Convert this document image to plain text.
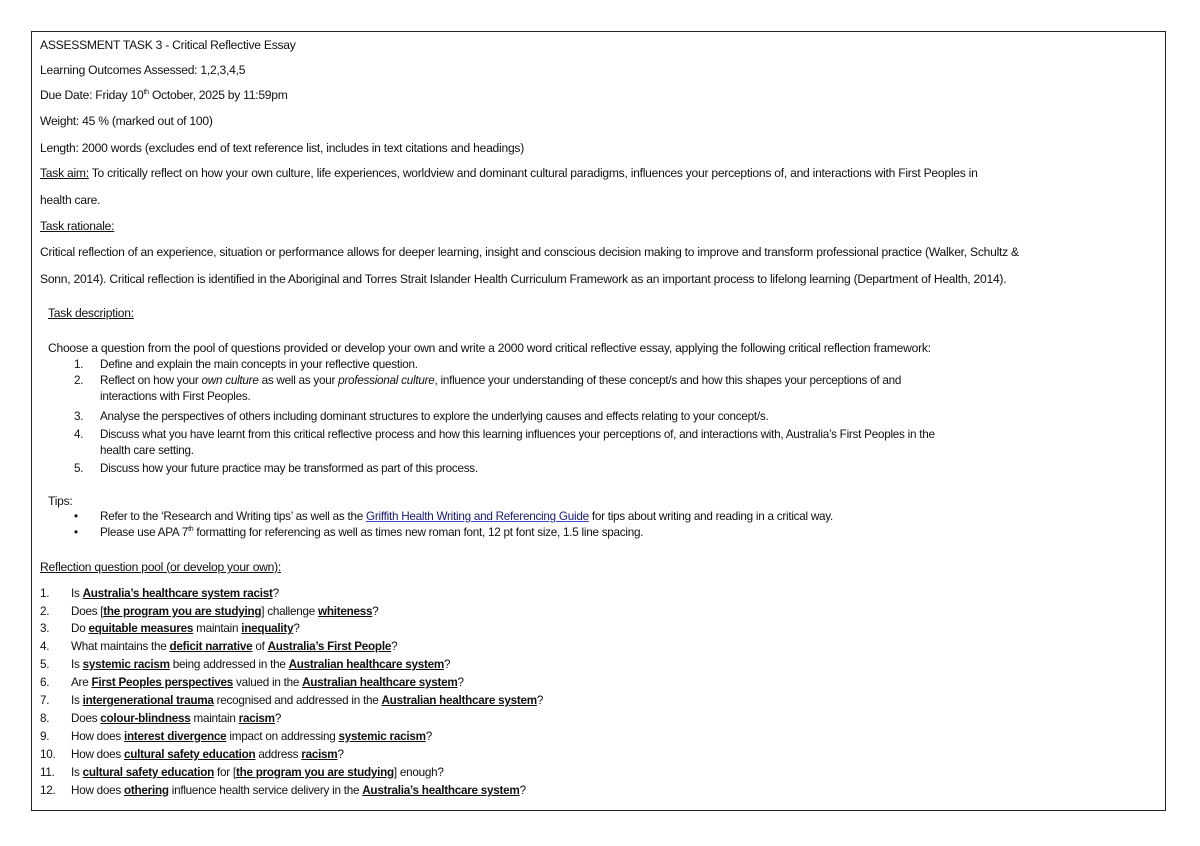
ASSESSMENT TASK 3 - Critical Reflective Essay
Learning Outcomes Assessed: 1,2,3,4,5
Due Date: Friday 10th October, 2025 by 11:59pm
Weight: 45 % (marked out of 100)
Length: 2000 words (excludes end of text reference list, includes in text citations and headings)
Task aim: To critically reflect on how your own culture, life experiences, worldview and dominant cultural paradigms, influences your perceptions of, and interactions with First Peoples in
health care.
Task rationale:
Critical reflection of an experience, situation or performance allows for deeper learning, insight and conscious decision making to improve and transform professional practice (Walker, Schultz &
Sonn, 2014). Critical reflection is identified in the Aboriginal and Torres Strait Islander Health Curriculum Framework as an important process to lifelong learning (Department of Health, 2014).
Task description:
Choose a question from the pool of questions provided or develop your own and write a 2000 word critical reflective essay, applying the following critical reflection framework:
1. Define and explain the main concepts in your reflective question.
2. Reflect on how your own culture as well as your professional culture, influence your understanding of these concept/s and how this shapes your perceptions of and
interactions with First Peoples.
3. Analyse the perspectives of others including dominant structures to explore the underlying causes and effects relating to your concept/s.
4. Discuss what you have learnt from this critical reflective process and how this learning influences your perceptions of, and interactions with, Australia’s First Peoples in the
health care setting.
5. Discuss how your future practice may be transformed as part of this process.
Tips:
• Refer to the ‘Research and Writing tips’ as well as the Griffith Health Writing and Referencing Guide for tips about writing and reading in a critical way.
• Please use APA 7th formatting for referencing as well as times new roman font, 12 pt font size, 1.5 line spacing.
Reflection question pool (or develop your own):
1. Is Australia’s healthcare system racist?
2. Does [the program you are studying] challenge whiteness?
3. Do equitable measures maintain inequality?
4. What maintains the deficit narrative of Australia’s First People?
5. Is systemic racism being addressed in the Australian healthcare system?
6. Are First Peoples perspectives valued in the Australian healthcare system?
7. Is intergenerational trauma recognised and addressed in the Australian healthcare system?
8. Does colour-blindness maintain racism?
9. How does interest divergence impact on addressing systemic racism?
10. How does cultural safety education address racism?
11. Is cultural safety education for [the program you are studying] enough?
12. How does othering influence health service delivery in the Australia’s healthcare system?
